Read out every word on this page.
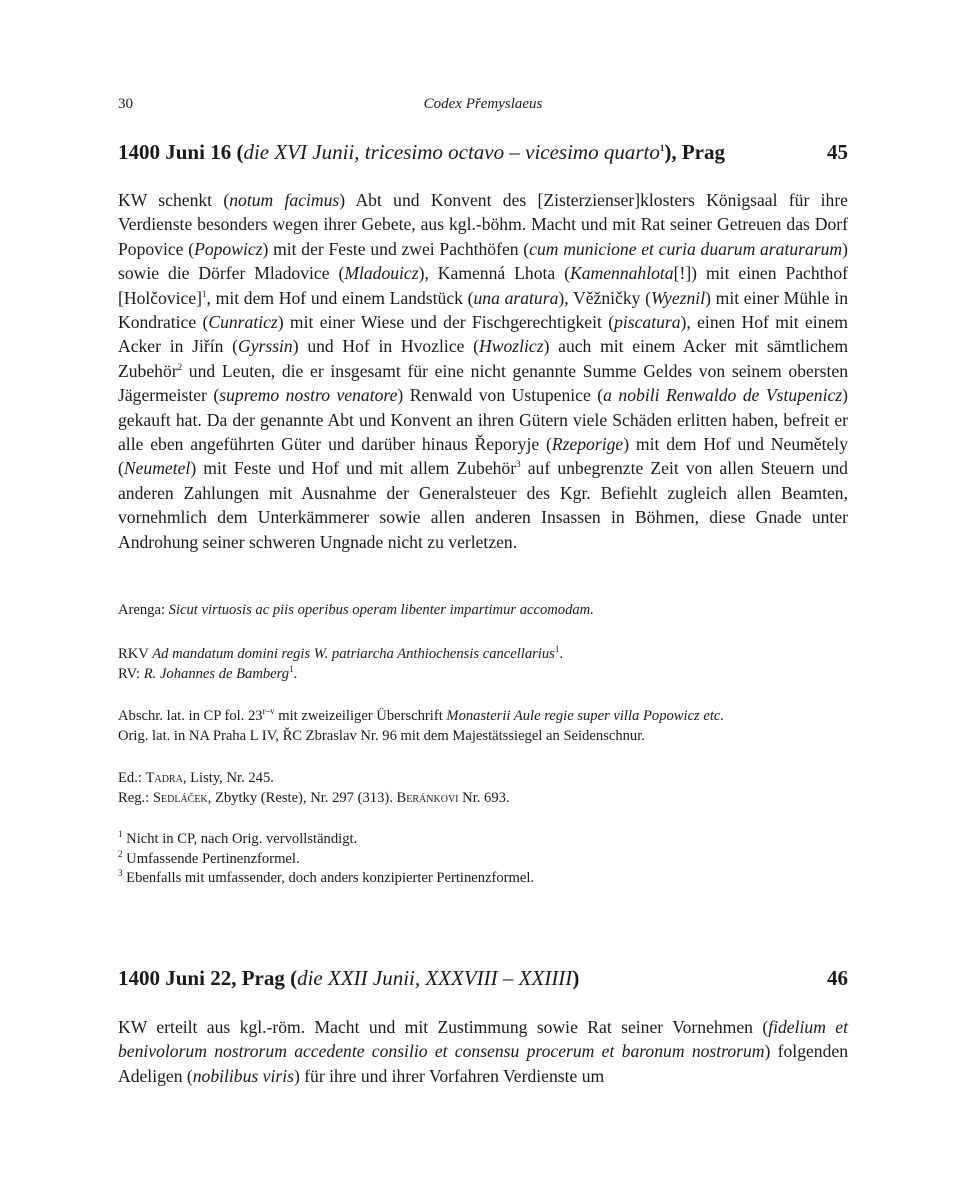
30	Codex Přemyslaeus
1400 Juni 16 (die XVI Junii, tricesimo octavo – vicesimo quarto$^1$), Prag	45
KW schenkt (notum facimus) Abt und Konvent des [Zisterzienser]klosters Königsaal für ihre Verdienste besonders wegen ihrer Gebete, aus kgl.-böhm. Macht und mit Rat seiner Getreuen das Dorf Popovice (Popowicz) mit der Feste und zwei Pachthöfen (cum municione et curia duarum araturarum) sowie die Dörfer Mladovice (Mladouicz), Kamenná Lhota (Kamennahlota[!]) mit einen Pachthof [Holčovice]$^1$, mit dem Hof und einem Landstück (una aratura), Věžničky (Wyeznil) mit einer Mühle in Kondratice (Cunraticz) mit einer Wiese und der Fischgerechtigkeit (piscatura), einen Hof mit einem Acker in Jiřín (Gyrssin) und Hof in Hvozlice (Hwozlicz) auch mit einem Acker mit sämtlichem Zubehör$^2$ und Leuten, die er insgesamt für eine nicht genannte Summe Geldes von seinem obersten Jägermeister (supremo nostro venatore) Renwald von Ustupenice (a nobili Renwaldo de Vstupenicz) gekauft hat. Da der genannte Abt und Konvent an ihren Gütern viele Schäden erlitten haben, befreit er alle eben angeführten Güter und darüber hinaus Řeporyje (Rzeporige) mit dem Hof und Neumětely (Neumetel) mit Feste und Hof und mit allem Zubehör$^3$ auf unbegrenzte Zeit von allen Steuern und anderen Zahlungen mit Ausnahme der Generalsteuer des Kgr. Befiehlt zugleich allen Beamten, vornehmlich dem Unterkämmerer sowie allen anderen Insassen in Böhmen, diese Gnade unter Androhung seiner schweren Ungnade nicht zu verletzen.

Arenga: Sicut virtuosis ac piis operibus operam libenter impartimur accomodam.

RKV Ad mandatum domini regis W. patriarcha Anthiochensis cancellarius$^1$.

RV: R. Johannes de Bamberg$^1$.

Abschr. lat. in CP fol. 23$^{r-v}$ mit zweizeiliger Überschrift Monasterii Aule regie super villa Popowicz etc.

Orig. lat. in NA Praha L IV, ŘC Zbraslav Nr. 96 mit dem Majestätssiegel an Seidenschnur.

Ed.: Tadra, Listy, Nr. 245.

Reg.: Sedláček, Zbytky (Reste), Nr. 297 (313). Beránkovi Nr. 693.

$^1$ Nicht in CP, nach Orig. vervollständigt.

$^2$ Umfassende Pertinenzformel.

$^3$ Ebenfalls mit umfassender, doch anders konzipierter Pertinenzformel.

1400 Juni 22, Prag (die XXII Junii, XXXVIII – XXIIII)	46
KW erteilt aus kgl.-röm. Macht und mit Zustimmung sowie Rat seiner Vornehmen (fidelium et benivolorum nostrorum accedente consilio et consensu procerum et baronum nostrorum) folgenden Adeligen (nobilibus viris) für ihre und ihrer Vorfahren Verdienste um
